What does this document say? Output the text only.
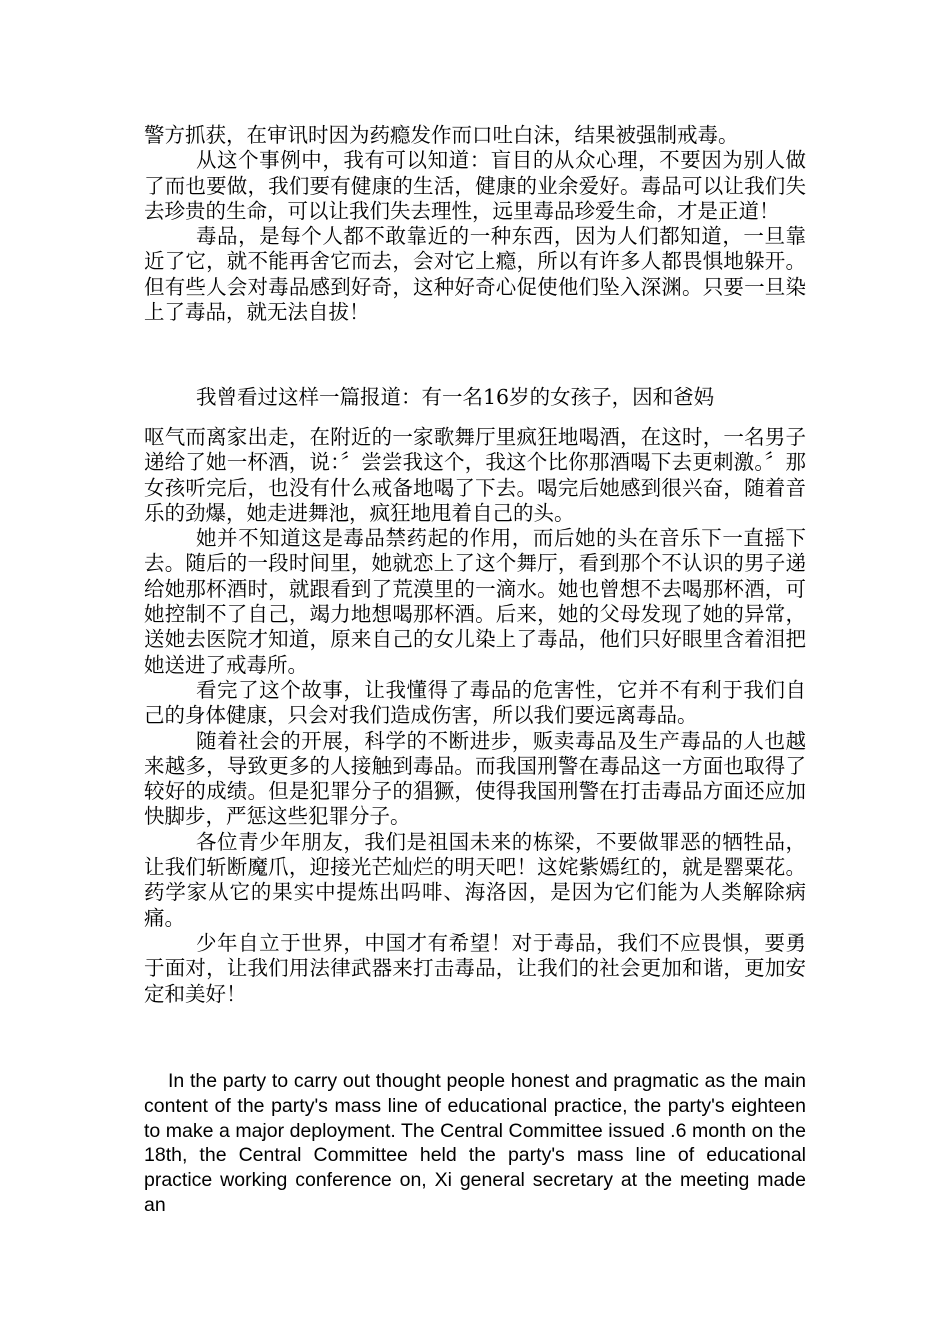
警方抓获，在审讯时因为药瘾发作而口吐白沫，结果被强制戒毒。

从这个事例中，我有可以知道：盲目的从众心理，不要因为别人做了而也要做，我们要有健康的生活，健康的业余爱好。毒品可以让我们失去珍贵的生命，可以让我们失去理性，远里毒品珍爱生命，才是正道！

毒品，是每个人都不敢靠近的一种东西，因为人们都知道，一旦靠近了它，就不能再舍它而去，会对它上瘾，所以有许多人都畏惧地躲开。但有些人会对毒品感到好奇，这种好奇心促使他们坠入深渊。只要一旦染上了毒品，就无法自拔！

我曾看过这样一篇报道：有一名16岁的女孩子，因和爸妈

呕气而离家出走，在附近的一家歌舞厅里疯狂地喝酒，在这时，一名男子递给了她一杯酒，说：〞尝尝我这个，我这个比你那酒喝下去更刺激。〞那女孩听完后，也没有什么戒备地喝了下去。喝完后她感到很兴奋，随着音乐的劲爆，她走进舞池，疯狂地甩着自己的头。

她并不知道这是毒品禁药起的作用，而后她的头在音乐下一直摇下去。随后的一段时间里，她就恋上了这个舞厅，看到那个不认识的男子递给她那杯酒时，就跟看到了荒漠里的一滴水。她也曾想不去喝那杯酒，可她控制不了自己，竭力地想喝那杯酒。后来，她的父母发现了她的异常，送她去医院才知道，原来自己的女儿染上了毒品，他们只好眼里含着泪把她送进了戒毒所。

看完了这个故事，让我懂得了毒品的危害性，它并不有利于我们自己的身体健康，只会对我们造成伤害，所以我们要远离毒品。

随着社会的开展，科学的不断进步，贩卖毒品及生产毒品的人也越来越多，导致更多的人接触到毒品。而我国刑警在毒品这一方面也取得了较好的成绩。但是犯罪分子的猖獗，使得我国刑警在打击毒品方面还应加快脚步，严惩这些犯罪分子。

各位青少年朋友，我们是祖国未来的栋梁，不要做罪恶的牺牲品，让我们斩断魔爪，迎接光芒灿烂的明天吧！这姹紫嫣红的，就是罂粟花。药学家从它的果实中提炼出吗啡、海洛因，是因为它们能为人类解除病痛。

少年自立于世界，中国才有希望！对于毒品，我们不应畏惧，要勇于面对，让我们用法律武器来打击毒品，让我们的社会更加和谐，更加安定和美好！

In the party to carry out thought people honest and pragmatic as the main content of the party's mass line of educational practice, the party's eighteen to make a major deployment. The Central Committee issued .6 month on the 18th, the Central Committee held the party's mass line of educational practice working conference on, Xi general secretary at the meeting made an
